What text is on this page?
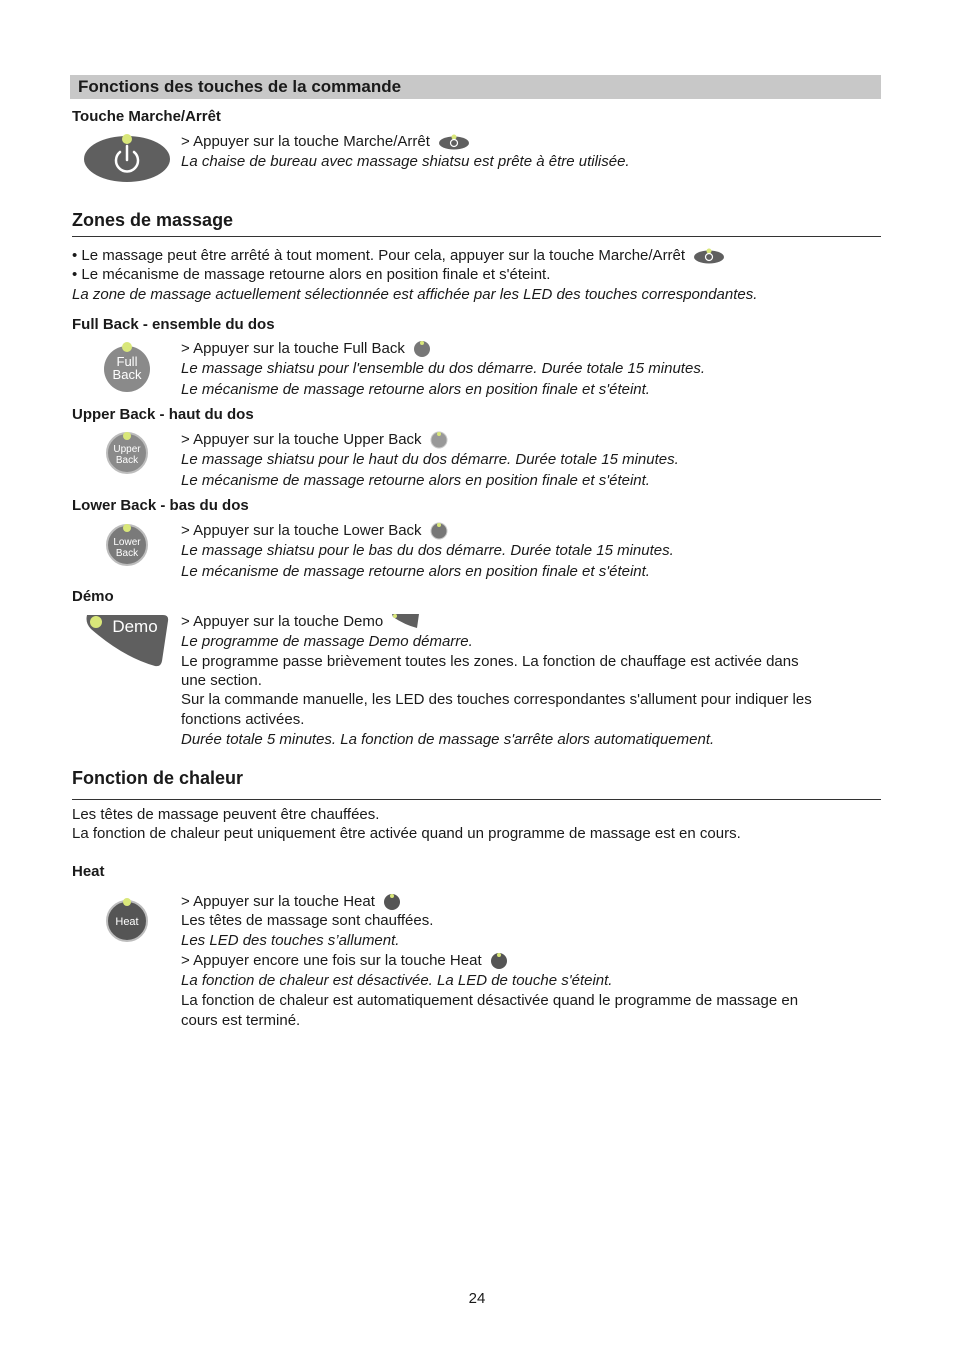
Fonctions des touches de la commande
Touche Marche/Arrêt
> Appuyer sur la touche Marche/Arrêt
La chaise de bureau avec massage shiatsu est prête à être utilisée.
Zones de massage
• Le massage peut être arrêté à tout moment. Pour cela, appuyer sur la touche Marche/Arrêt
• Le mécanisme de massage retourne alors en position finale et s'éteint.
La zone de massage actuellement sélectionnée est affichée par les LED des touches correspondantes.
Full Back - ensemble du dos
Full
Back
> Appuyer sur la touche Full Back
Le massage shiatsu pour l'ensemble du dos démarre. Durée totale 15 minutes.
Le mécanisme de massage retourne alors en position finale et s'éteint.
Upper Back - haut du dos
Upper
Back
> Appuyer sur la touche Upper Back
Le massage shiatsu pour le haut du dos démarre. Durée totale 15 minutes.
Le mécanisme de massage retourne alors en position finale et s'éteint.
Lower Back - bas du dos
Lower
Back
> Appuyer sur la touche Lower Back
Le massage shiatsu pour le bas du dos démarre. Durée totale 15 minutes.
Le mécanisme de massage retourne alors en position finale et s'éteint.
Démo
Demo > Appuyer sur la touche Demo
Le programme de massage Demo démarre.
Le programme passe brièvement toutes les zones. La fonction de chauffage est activée dans
une section.
Sur la commande manuelle, les LED des touches correspondantes s'allument pour indiquer les
fonctions activées.
Durée totale 5 minutes. La fonction de massage s'arrête alors automatiquement.
Fonction de chaleur
Les têtes de massage peuvent être chauffées.
La fonction de chaleur peut uniquement être activée quand un programme de massage est en cours.
Heat
Heat
> Appuyer sur la touche Heat
Les têtes de massage sont chauffées.
Les LED des touches s’allument.
> Appuyer encore une fois sur la touche Heat
La fonction de chaleur est désactivée. La LED de touche s'éteint.
La fonction de chaleur est automatiquement désactivée quand le programme de massage en
cours est terminé.
24
